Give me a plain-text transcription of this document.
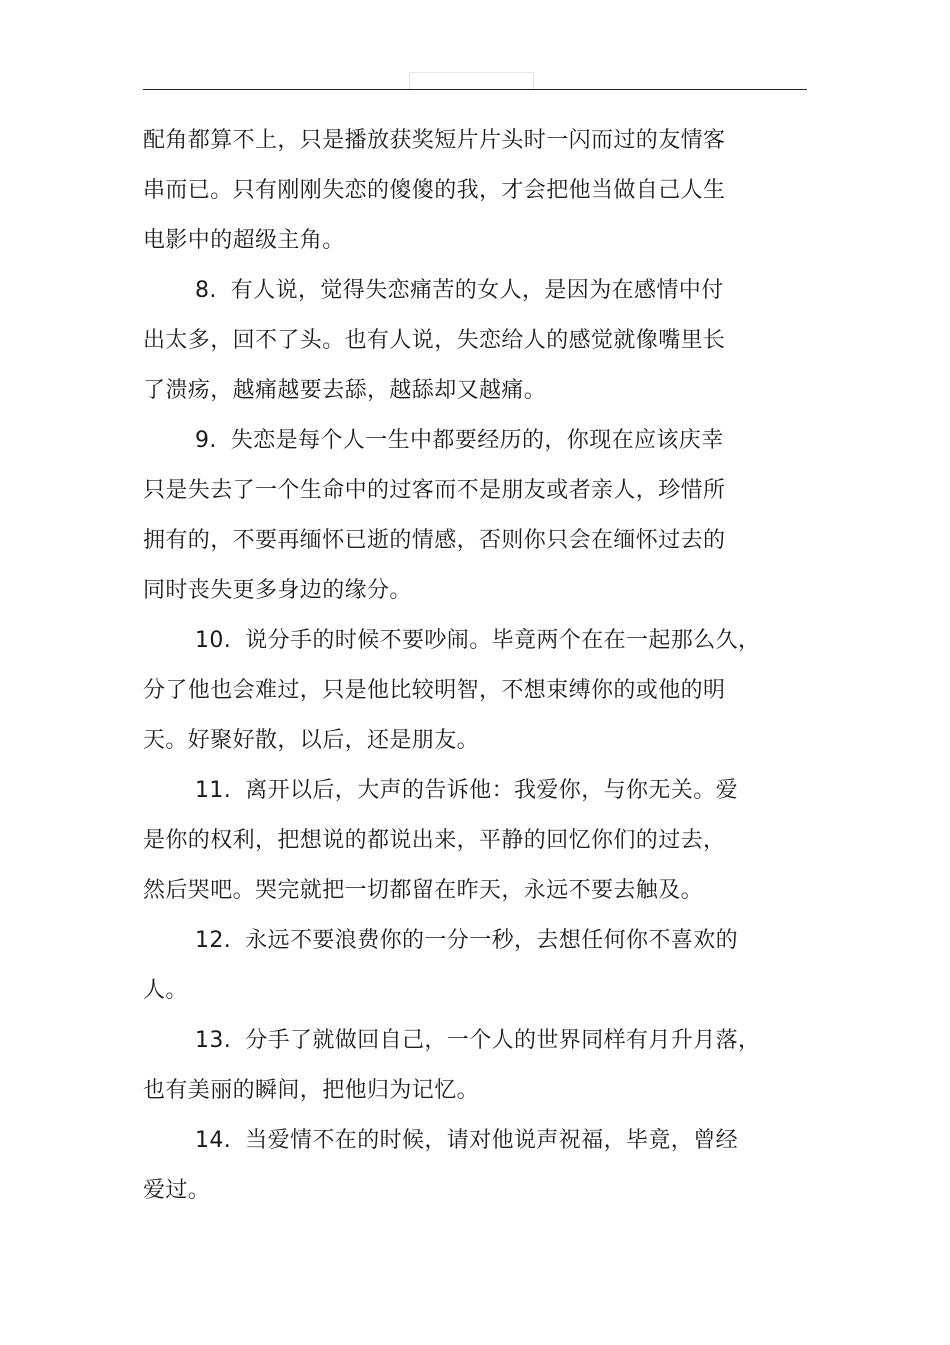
配角都算不上，只是播放获奖短片片头时一闪而过的友情客
串而已。只有刚刚失恋的傻傻的我，才会把他当做自己人生
电影中的超级主角。
8. 有人说，觉得失恋痛苦的女人，是因为在感情中付
出太多，回不了头。也有人说，失恋给人的感觉就像嘴里长
了溃疡，越痛越要去舔，越舔却又越痛。
9. 失恋是每个人一生中都要经历的，你现在应该庆幸
只是失去了一个生命中的过客而不是朋友或者亲人，珍惜所
拥有的，不要再缅怀已逝的情感，否则你只会在缅怀过去的
同时丧失更多身边的缘分。
10. 说分手的时候不要吵闹。毕竟两个在在一起那么久，
分了他也会难过，只是他比较明智，不想束缚你的或他的明
天。好聚好散，以后，还是朋友。
11. 离开以后，大声的告诉他：我爱你，与你无关。爱
是你的权利，把想说的都说出来，平静的回忆你们的过去，
然后哭吧。哭完就把一切都留在昨天，永远不要去触及。
12. 永远不要浪费你的一分一秒，去想任何你不喜欢的
人。
13. 分手了就做回自己，一个人的世界同样有月升月落，
也有美丽的瞬间，把他归为记忆。
14. 当爱情不在的时候，请对他说声祝福，毕竟，曾经
爱过。
